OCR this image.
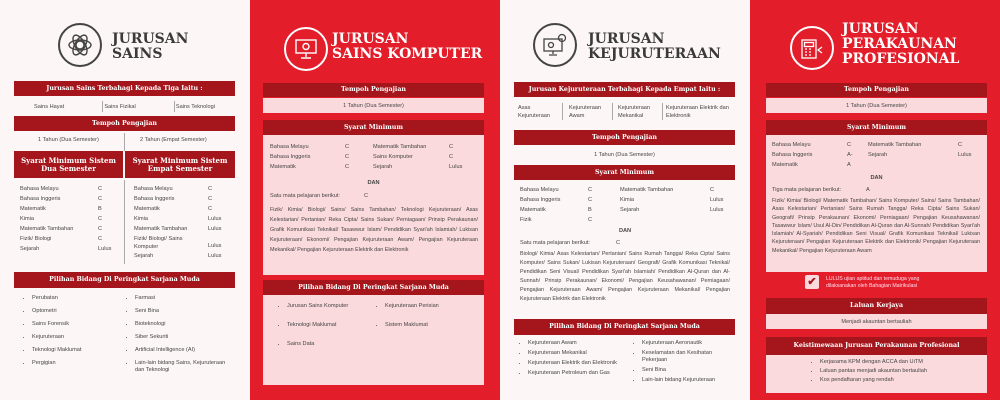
JURUSAN
SAINS
Jurusan Sains Terbahagi Kepada Tiga Iaitu :
Sains Hayat	Sains Fizikal	Sains Teknologi
Tempoh Pengajian
1 Tahun (Dua Semester)	2 Tahun (Empat Semester)
Syarat Minimum Sistem Dua Semester
Syarat Minimum Sistem Empat Semester
Bahasa Melayu	C
Bahasa Inggeris	C
Matematik	B
Kimia	C
Matematik Tambahan	C
Fizik/ Biologi	C
Sejarah	Lulus
Bahasa Melayu	C
Bahasa Inggeris	C
Matematik	C
Kimia	Lulus
Matematik Tambahan	Lulus
Fizik/ Biologi/ Sains Komputer	Lulus
Sejarah	Lulus
Pilihan Bidang Di Peringkat Sarjana Muda
• Perubatan
• Optometri
• Sains Forensik
• Kejuruteraan
• Teknologi Maklumat
• Pergigian
• Farmasi
• Seni Bina
• Bioteknologi
• Siber Sekuriti
• Artificial Intelligence (AI)
• Lain-lain bidang Sains, Kejuruteraan dan Teknologi
JURUSAN
SAINS KOMPUTER
Tempoh Pengajian
1 Tahun (Dua Semester)
Syarat Minimum
Bahasa Melayu	C
Bahasa Inggeris	C
Matematik	C
Matematik Tambahan	C
Sains Komputer	C
Sejarah	Lulus
DAN
Satu mata pelajaran berikut:	C
Fizik/ Kimia/ Biologi/ Sains/ Sains Tambahan/ Teknologi Kejuruteraan/ Asas Kelestarian/ Pertanian/ Reka Cipta/ Sains Sukan/ Perniagaan/ Prinsip Perakaunan/ Grafik Komunikasi Teknikal/ Tasawwur Islam/ Pendidikan Syari'ah Islamiah/ Lukisan Kejuruteraan/ Ekonomi/ Pengajian Kejuruteraan Awam/ Pengajian Kejuruteraan Mekanikal/ Pengajian Kejuruteraan Elektrik dan Elektronik
Pilihan Bidang Di Peringkat Sarjana Muda
• Jurusan Sains Komputer
• Teknologi Maklumat
• Sains Data
• Kejuruteraan Perisian
• Sistem Maklumat
JURUSAN
KEJURUTERAAN
Jurusan Kejuruteraan Terbahagi Kepada Empat Iaitu :
Asas Kejuruteraan
Kejuruteraan Awam
Kejuruteraan Mekanikal
Kejuruteraan Elektrik dan Elektronik
Tempoh Pengajian
1 Tahun (Dua Semester)
Syarat Minimum
Bahasa Melayu	C
Bahasa Inggeris	C
Matematik	B
Fizik	C
Matematik Tambahan	C
Kimia	Lulus
Sejarah	Lulus
DAN
Satu mata pelajaran berikut:	C
Biologi/ Kimia/ Asas Kelestarian/ Pertanian/ Sains Rumah Tangga/ Reka Cipta/ Sains Komputer/ Sains Sukan/ Lukisan Kejuruteraan/ Geografi/ Grafik Komunikasi Teknikal/ Pendidikan Seni Visual/ Pendidikan Syari'ah Islamiah/ Pendidikan Al-Quran dan Al-Sunnah/ Prinsip Perakaunan/ Ekonomi/ Pengajian Keusahawanan/ Perniagaan/ Pengajian Kejuruteraan Awam/ Pengajian Kejuruteraan Mekanikal/ Pengajian Kejuruteraan Elektrik dan Elektronik
Pilihan Bidang Di Peringkat Sarjana Muda
• Kejuruteraan Awam
• Kejuruteraan Mekanikal
• Kejuruteraan Elektrik dan Elektronik
• Kejuruteraan Petroleum dan Gas
• Kejuruteraan Aeronautik
• Keselamatan dan Kesihatan Pekerjaan
• Seni Bina
• Lain-lain bidang Kejuruteraan
JURUSAN
PERAKAUNAN
PROFESIONAL
Tempoh Pengajian
1 Tahun (Dua Semester)
Syarat Minimum
Bahasa Melayu	C
Bahasa Inggeris	A-
Matematik	A
Matematik Tambahan	C
Sejarah	Lulus
DAN
Tiga mata pelajaran berikut:	A
Fizik/ Kimia/ Biologi/ Matematik Tambahan/ Sains Komputer/ Sains/ Sains Tambahan/ Asas Kelestarian/ Pertanian/ Sains Rumah Tangga/ Reka Cipta/ Sains Sukan/ Geografi/ Prinsip Perakaunan/ Ekonomi/ Perniagaan/ Pengajian Keusahawanan/ Tasawwur Islam/ Usul Al-Din/ Pendidikan Al-Quran dan Al-Sunnah/ Pendidikan Syari'ah Islamiah/ Al-Syariah/ Pendidikan Seni Visual/ Grafik Komunikasi Teknikal/ Lukisan Kejuruteraan/ Pengajian Kejuruteraan Elektrik dan Elektronik/ Pengajian Kejuruteraan Mekanikal/ Pengajian Kejuruteraan Awam
✔	LULUS ujian aptitud dan temuduga yang dilaksanakan oleh Bahagian Matrikulasi
Laluan Kerjaya
Menjadi akauntan bertauliah
Keistimewaan Jurusan Perakaunan Profesional
• Kerjasama KPM dengan ACCA dan UiTM
• Laluan pantas menjadi akauntan bertauliah
• Kos pendaftaran yang rendah
